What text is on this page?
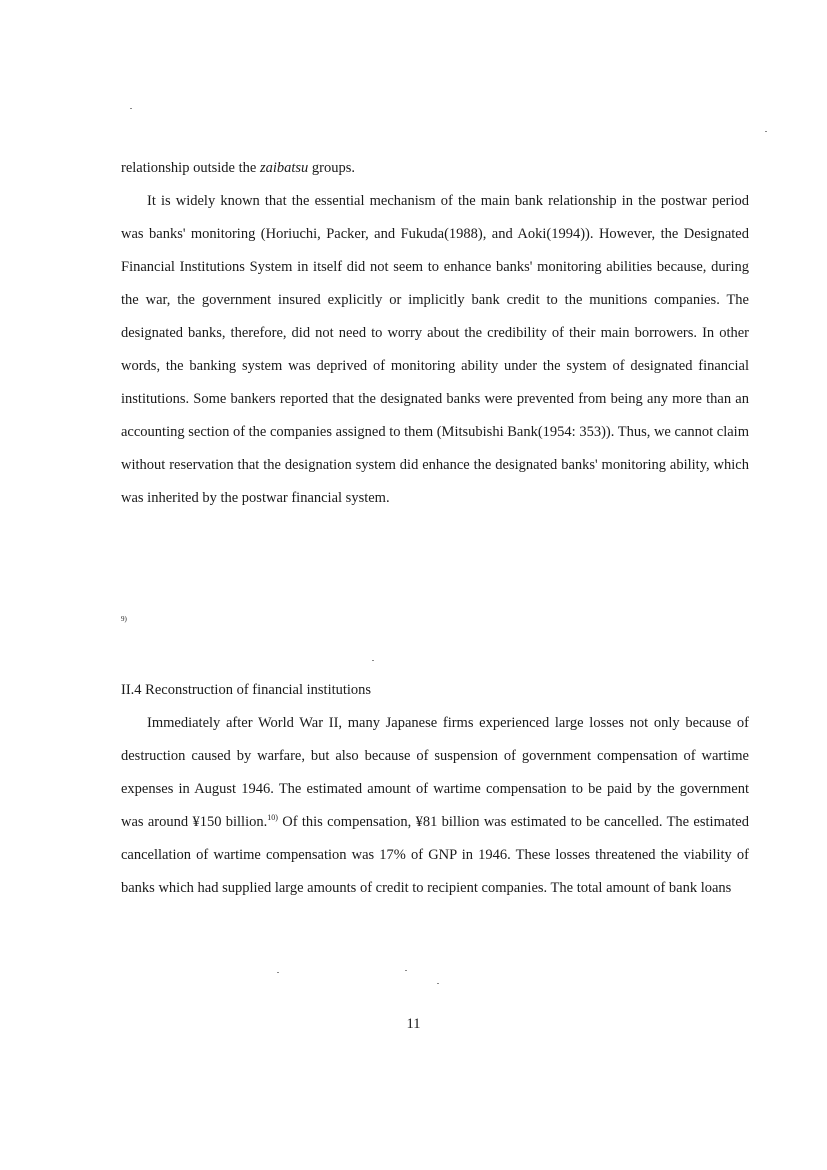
relationship outside the zaibatsu groups.

It is widely known that the essential mechanism of the main bank relationship in the postwar period was banks' monitoring (Horiuchi, Packer, and Fukuda(1988), and Aoki(1994)). However, the Designated Financial Institutions System in itself did not seem to enhance banks' monitoring abilities because, during the war, the government insured explicitly or implicitly bank credit to the munitions companies. The designated banks, therefore, did not need to worry about the credibility of their main borrowers. In other words, the banking system was deprived of monitoring ability under the system of designated financial institutions. Some bankers reported that the designated banks were prevented from being any more than an accounting section of the companies assigned to them (Mitsubishi Bank(1954: 353)). Thus, we cannot claim without reservation that the designation system did enhance the designated banks' monitoring ability, which was inherited by the postwar financial system.

9)
II.4 Reconstruction of financial institutions

Immediately after World War II, many Japanese firms experienced large losses not only because of destruction caused by warfare, but also because of suspension of government compensation of wartime expenses in August 1946. The estimated amount of wartime compensation to be paid by the government was around ¥150 billion.$^{10)}$ Of this compensation, ¥81 billion was estimated to be cancelled. The estimated cancellation of wartime compensation was 17% of GNP in 1946. These losses threatened the viability of banks which had supplied large amounts of credit to recipient companies. The total amount of bank loans

11
